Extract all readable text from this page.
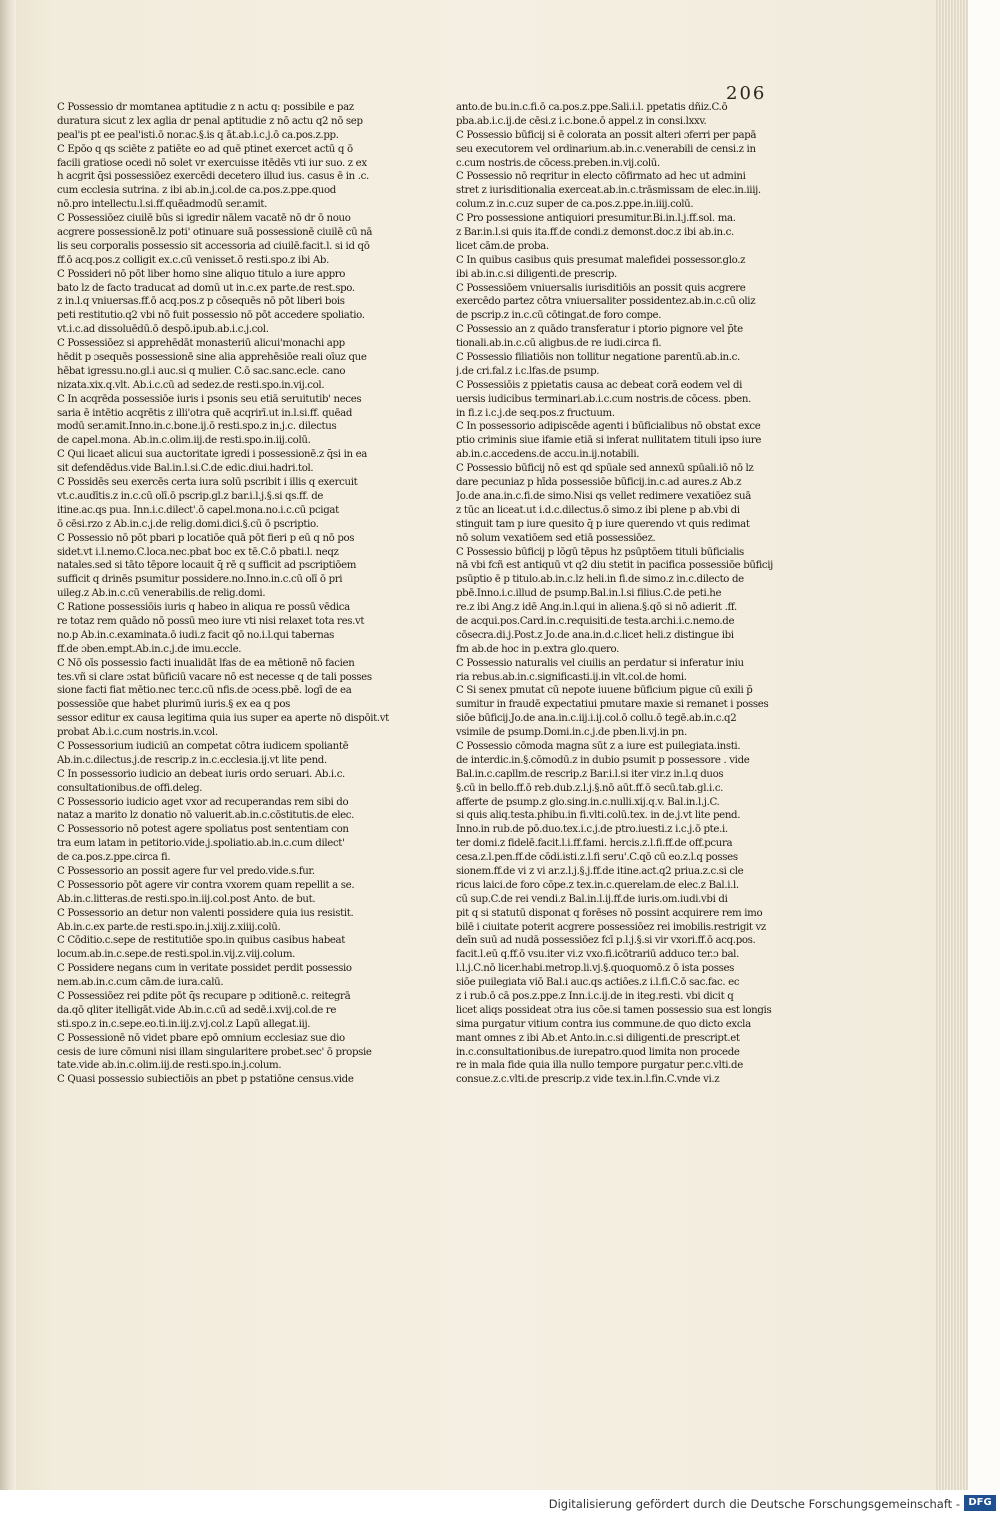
206
C Possessio dr momtanea aptitudie z n actu q: possibile e paz
duratura sicut z lex aglia dr penal aptitudie z nō actu q2 nō sep
peal'is pt ee peal'isti.ō nor.ac.§.is q āt.ab.i.c.j.ō ca.pos.z.pp.
C Epōo q qs sciēte z patiēte eo ad quē ptinet exercet actū q ō
facili gratiose ocedi nō solet vr exercuisse itēdēs vti iur suo. z ex
h acgrit q̄si possessiōez exercēdi decetero illud ius. casus ē in .c.
cum ecclesia sutrina. z ibi ab.in.j.col.de ca.pos.z.ppe.quod
nō.pro intellectu.l.si.ff.quēadmodū ser.amit.
C Possessiōez ciuilē būs si igredir nālem vacatē nō dr ō nouo
acgrere possessionē.lz poti' otinuare suā possessionē ciuilē cū nā
lis seu corporalis possessio sit accessoria ad ciuilē.facit.l. si id qō
ff.ō acq.pos.z colligit ex.c.cū venisset.ō resti.spo.z ibi Ab.
C Possideri nō pōt liber homo sine aliquo titulo a iure appro
bato lz de facto traducat ad domū ut in.c.ex parte.de rest.spo.
z in.l.q vniuersas.ff.ō acq.pos.z p cōsequēs nō pōt liberi bois
peti restitutio.q2 vbi nō fuit possessio nō pōt accedere spoliatio.
vt.i.c.ad dissoluēdū.ō despō.ipub.ab.i.c.j.col.
C Possessiōez si apprehēdāt monasteriū alicui'monachi app
hēdit p ɔsequēs possessionē sine alia apprehēsiōe reali oīuz que
hēbat igressu.no.gl.i auc.si q mulier. C.ō sac.sanc.ecle. cano
nizata.xix.q.vlt. Ab.i.c.cū ad sedez.de resti.spo.in.vij.col.
C In acqrēda possessiōe iuris i psonis seu etiā seruitutib' neces
saria ē intētio acqrētis z illi'otra quē acqrirī.ut in.l.si.ff. quēad
modū ser.amit.Inno.in.c.bone.ij.ō resti.spo.z in.j.c. dilectus
de capel.mona. Ab.in.c.olim.iij.de resti.spo.in.iij.colū.
C Qui licaet alicui sua auctoritate igredi i possessionē.z q̄si in ea
sit defendēdus.vide Bal.in.l.si.C.de edic.diui.hadri.tol.
C Possidēs seu exercēs certa iura solū pscribit i illis q exercuit
vt.c.audītis.z in.c.cū olī.ō pscrip.gl.z bar.i.l.j.§.si qs.ff. de
itine.ac.qs pua. Inn.i.c.dilect'.ō capel.mona.no.i.c.cū pcigat
ō cēsi.rzo z Ab.in.c.j.de relig.domi.dici.§.cū ō pscriptio.
C Possessio nō pōt pbari p locatiōe quā pōt fieri p eū q nō pos
sidet.vt i.l.nemo.C.loca.nec.pbat boc ex tē.C.ō pbati.l. neqz
natales.sed si tāto tēpore locauit q̄ rē q sufficit ad pscriptiōem
sufficit q drinēs psumitur possidere.no.Inno.in.c.cū olī ō pri
uileg.z Ab.in.c.cū venerabilis.de relig.domi.
C Ratione possessiōis iuris q habeo in aliqua re possū vēdica
re totaz rem quādo nō possū meo iure vti nisi relaxet tota res.vt
no.p Ab.in.c.examinata.ō iudi.z facit qō no.i.l.qui tabernas
ff.de ɔben.empt.Ab.in.c.j.de imu.eccle.
C Nō oīs possessio facti inualidāt lfas de ea mētionē nō facien
tes.vñ si clare ɔstat būficiū vacare nō est necesse q de tali posses
sione facti fiat mētio.nec ter.c.cū nfis.de ɔcess.pbē. logī de ea
possessiōe que habet plurimū iuris.§ ex ea q pos
sessor editur ex causa legitima quia ius super ea aperte nō dispōit.vt
probat Ab.i.c.cum nostris.in.v.col.
C Possessorium iudiciū an competat cōtra iudicem spoliantē
Ab.in.c.dilectus.j.de rescrip.z in.c.ecclesia.ij.vt lite pend.
C In possessorio iudicio an debeat iuris ordo seruari. Ab.i.c.
consultationibus.de offi.deleg.
C Possessorio iudicio aget vxor ad recuperandas rem sibi do
nataz a marito lz donatio nō valuerit.ab.in.c.cōstitutis.de elec.
C Possessorio nō potest agere spoliatus post sententiam con
tra eum latam in petitorio.vide.j.spoliatio.ab.in.c.cum dilect'
de ca.pos.z.ppe.circa fi.
C Possessorio an possit agere fur vel predo.vide.s.fur.
C Possessorio pōt agere vir contra vxorem quam repellit a se.
Ab.in.c.litteras.de resti.spo.in.iij.col.post Anto. de but.
C Possessorio an detur non valenti possidere quia ius resistit.
Ab.in.c.ex parte.de resti.spo.in.j.xiij.z.xiiij.colū.
C Cōditio.c.sepe de restitutiōe spo.in quibus casibus habeat
locum.ab.in.c.sepe.de resti.spol.in.vij.z.viij.colum.
C Possidere negans cum in veritate possidet perdit possessio
nem.ab.in.c.cum cām.de iura.calū.
C Possessiōez rei pdite pōt q̄s recupare p ɔditionē.c. reitegrā
da.qō qliter itelligāt.vide Ab.in.c.cū ad sedē.i.xvij.col.de re
sti.spo.z in.c.sepe.eo.ti.in.iij.z.vj.col.z Lapū allegat.iij.
C Possessionē nō videt pbare epō omnium ecclesiaz sue dio
cesis de iure cōmuni nisi illam singularitere probet.sec' ō propsie
tate.vide ab.in.c.olim.iij.de resti.spo.in.j.colum.
C Quasi possessio subiectiōis an pbet p pstatiōne census.vide
anto.de bu.in.c.fi.ō ca.pos.z.ppe.Sali.i.l. ppetatis dñiz.C.ō
pba.ab.i.c.ij.de cēsi.z i.c.bone.ō appel.z in consi.lxxv.
C Possessio būficij si ē colorata an possit alteri ɔferri per papā
seu executorem vel ordinarium.ab.in.c.venerabili de censi.z in
c.cum nostris.de cōcess.preben.in.vij.colū.
C Possessio nō reqritur in electo cōfirmato ad hec ut admini
stret z iurisditionalia exerceat.ab.in.c.trāsmissam de elec.in.iiij.
colum.z in.c.cuz super de ca.pos.z.ppe.in.iiij.colū.
C Pro possessione antiquiori presumitur.Bi.in.l.j.ff.sol. ma.
z Bar.in.l.si quis ita.ff.de condi.z demonst.doc.z ibi ab.in.c.
licet cām.de proba.
C In quibus casibus quis presumat malefidei possessor.glo.z
ibi ab.in.c.si diligenti.de prescrip.
C Possessiōem vniuersalis iurisditiōis an possit quis acgrere
exercēdo partez cōtra vniuersaliter possidentez.ab.in.c.cū oliz
de pscrip.z in.c.cū cōtingat.de foro compe.
C Possessio an z quādo transferatur i ptorio pignore vel p̄te
tionali.ab.in.c.cū aligbus.de re iudi.circa fi.
C Possessio filiatiōis non tollitur negatione parentū.ab.in.c.
j.de cri.fal.z i.c.lfas.de psump.
C Possessiōis z ppietatis causa ac debeat corā eodem vel di
uersis iudicibus terminari.ab.i.c.cum nostris.de cōcess. pben.
in fi.z i.c.j.de seq.pos.z fructuum.
C In possessorio adipiscēde agenti i būficialibus nō obstat exce
ptio criminis siue ifamie etiā si inferat nullitatem tituli ipso iure
ab.in.c.accedens.de accu.in.ij.notabili.
C Possessio būficij nō est qd spūale sed annexū spūali.iō nō lz
dare pecuniaz p hīda possessiōe būficij.in.c.ad aures.z Ab.z
Jo.de ana.in.c.fi.de simo.Nisi qs vellet redimere vexatiōez suā
z tūc an liceat.ut i.d.c.dilectus.ō simo.z ibi plene p ab.vbi di
stinguit tam p iure quesito q̄ p iure querendo vt quis redimat
nō solum vexatiōem sed etiā possessiōez.
C Possessio būficij p lōgū tēpus hz psūptōem tituli būficialis
nā vbi fcñ est antiquū vt q2 diu stetit in pacifica possessiōe būficij
psūptio ē p titulo.ab.in.c.lz heli.in fi.de simo.z in.c.dilecto de
pbē.Inno.i.c.illud de psump.Bal.in.l.si filius.C.de peti.he
re.z ibi Ang.z idē Ang.in.l.qui in aliena.§.qō si nō adierit .ff.
de acqui.pos.Card.in.c.requisiti.de testa.archi.i.c.nemo.de
cōsecra.di.j.Post.z Jo.de ana.in.d.c.licet heli.z distingue ibi
fm ab.de hoc in p.extra glo.quero.
C Possessio naturalis vel ciuilis an perdatur si inferatur iniu
ria rebus.ab.in.c.significasti.ij.in vlt.col.de homi.
C Si senex pmutat cū nepote iuuene būficium pigue cū exili p̄
sumitur in fraudē expectatiui pmutare maxie si remanet i posses
siōe būficij.Jo.de ana.in.c.iij.i.ij.col.ō collu.ō tegē.ab.in.c.q2
vsimile de psump.Domi.in.c.j.de pben.li.vj.in pn.
C Possessio cōmoda magna sūt z a iure est puilegiata.insti.
de interdic.in.§.cōmodū.z in dubio psumit p possessore . vide
Bal.in.c.capllm.de rescrip.z Bar.i.l.si iter vir.z in.l.q duos
§.cū in bello.ff.ō reb.dub.z.l.j.§.nō aūt.ff.ō secū.tab.gl.i.c.
afferte de psump.z glo.sing.in.c.nulli.xij.q.v. Bal.in.l.j.C.
si quis aliq.testa.phibu.in fi.vlti.colū.tex. in de.j.vt lite pend.
Inno.in rub.de pō.duo.tex.i.c.j.de ptro.iuesti.z i.c.j.ō pte.i.
ter domi.z fidelē.facit.l.i.ff.fami. hercis.z.l.fi.ff.de off.pcura
cesa.z.l.pen.ff.de cōdi.isti.z.l.fi seru'.C.qō cū eo.z.l.q posses
sionem.ff.de vi z vi ar.z.l.j.§.j.ff.de itine.act.q2 priua.z.c.si cle
ricus laici.de foro cōpe.z tex.in.c.querelam.de elec.z Bal.i.l.
cū sup.C.de rei vendi.z Bal.in.l.ij.ff.de iuris.om.iudi.vbi di
pit q si statutū disponat q forēses nō possint acquirere rem imo
bilē i ciuitate poterit acgrere possessiōez rei imobilis.restrigit vz
deīn suū ad nudā possessiōez fcī p.l.j.§.si vir vxori.ff.ō acq.pos.
facit.l.eū q.ff.ō vsu.iter vi.z vxo.fi.icōtrariū adduco ter.ɔ bal.
l.l.j.C.nō licer.habi.metrop.li.vj.§.quoquomō.z ō ista posses
siōe puilegiata viō Bal.i auc.qs actiōes.z i.l.fi.C.ō sac.fac. ec
z i rub.ō cā pos.z.ppe.z Inn.i.c.ij.de in iteg.resti. vbi dicit q
licet aliqs possideat ɔtra ius cōe.si tamen possessio sua est longis
sima purgatur vitium contra ius commune.de quo dicto excla
mant omnes z ibi Ab.et Anto.in.c.si diligenti.de prescript.et
in.c.consultationibus.de iurepatro.quod limita non procede
re in mala fide quia illa nullo tempore purgatur per.c.vlti.de
consue.z.c.vlti.de prescrip.z vide tex.in.l.fin.C.vnde vi.z
Digitalisierung gefördert durch die Deutsche Forschungsgemeinschaft - DFG
